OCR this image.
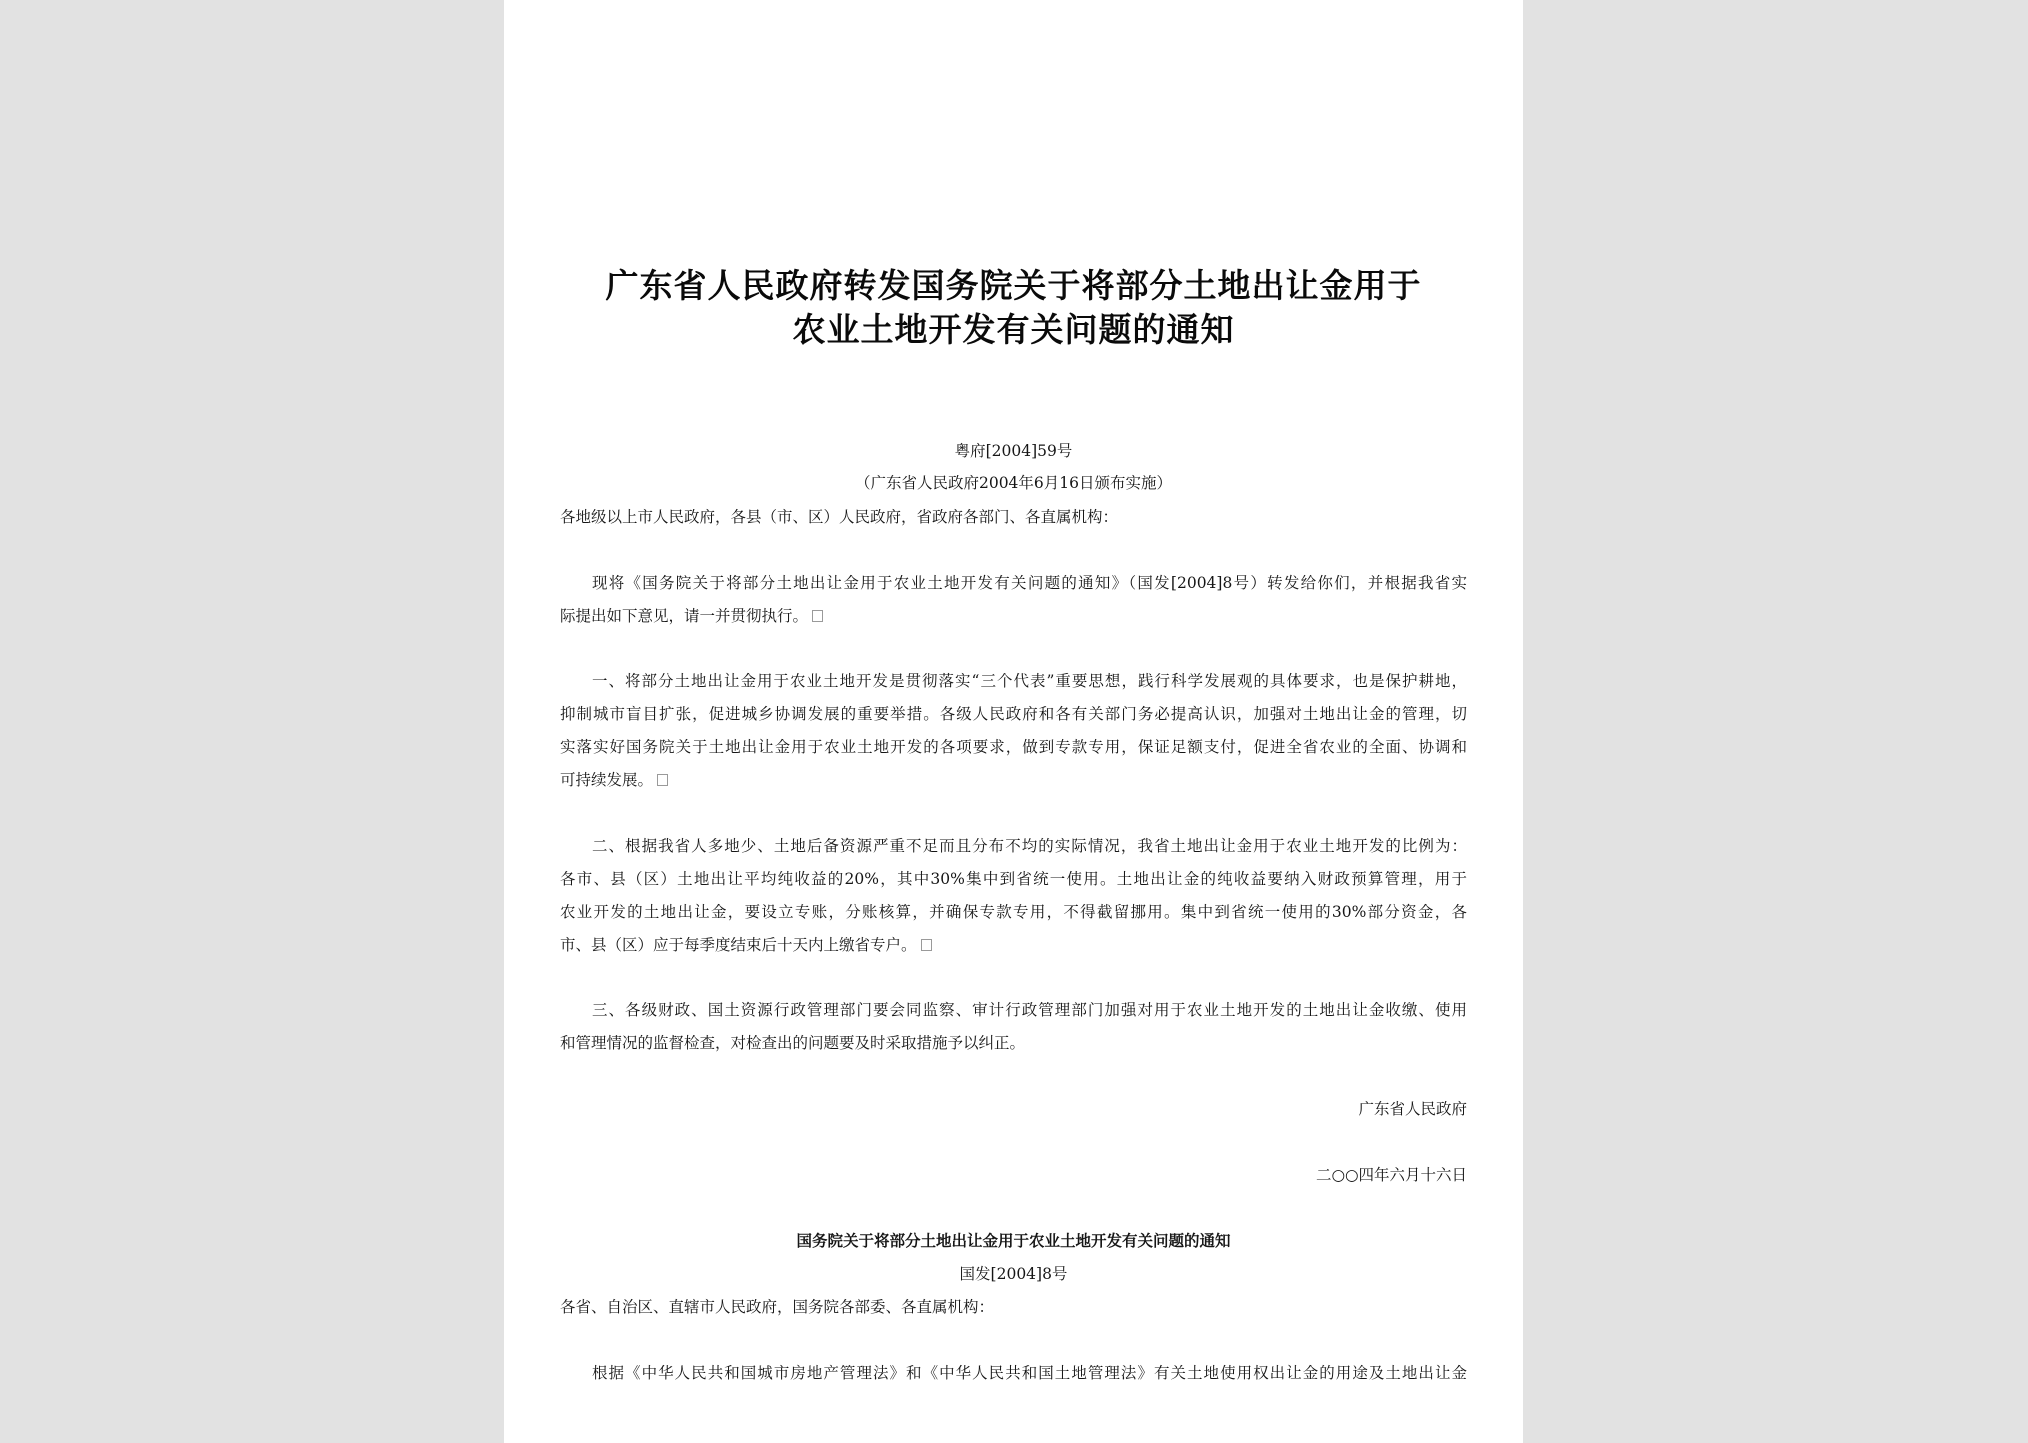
广东省人民政府转发国务院关于将部分土地出让金用于
农业土地开发有关问题的通知

粤府[2004]59号

（广东省人民政府2004年6月16日颁布实施）

各地级以上市人民政府，各县（市、区）人民政府，省政府各部门、各直属机构：

现将《国务院关于将部分土地出让金用于农业土地开发有关问题的通知》（国发[2004]8号）转发给你们，并根据我省实

际提出如下意见，请一并贯彻执行。

一、将部分土地出让金用于农业土地开发是贯彻落实“三个代表”重要思想，践行科学发展观的具体要求，也是保护耕地，

抑制城市盲目扩张，促进城乡协调发展的重要举措。各级人民政府和各有关部门务必提高认识，加强对土地出让金的管理，切

实落实好国务院关于土地出让金用于农业土地开发的各项要求，做到专款专用，保证足额支付，促进全省农业的全面、协调和

可持续发展。

二、根据我省人多地少、土地后备资源严重不足而且分布不均的实际情况，我省土地出让金用于农业土地开发的比例为：

各市、县（区）土地出让平均纯收益的20%，其中30%集中到省统一使用。土地出让金的纯收益要纳入财政预算管理，用于

农业开发的土地出让金，要设立专账，分账核算，并确保专款专用，不得截留挪用。集中到省统一使用的30%部分资金，各

市、县（区）应于每季度结束后十天内上缴省专户。

三、各级财政、国土资源行政管理部门要会同监察、审计行政管理部门加强对用于农业土地开发的土地出让金收缴、使用

和管理情况的监督检查，对检查出的问题要及时采取措施予以纠正。

广东省人民政府

二○○四年六月十六日

国务院关于将部分土地出让金用于农业土地开发有关问题的通知

国发[2004]8号

各省、自治区、直辖市人民政府，国务院各部委、各直属机构：

根据《中华人民共和国城市房地产管理法》和《中华人民共和国土地管理法》有关土地使用权出让金的用途及土地出让金
